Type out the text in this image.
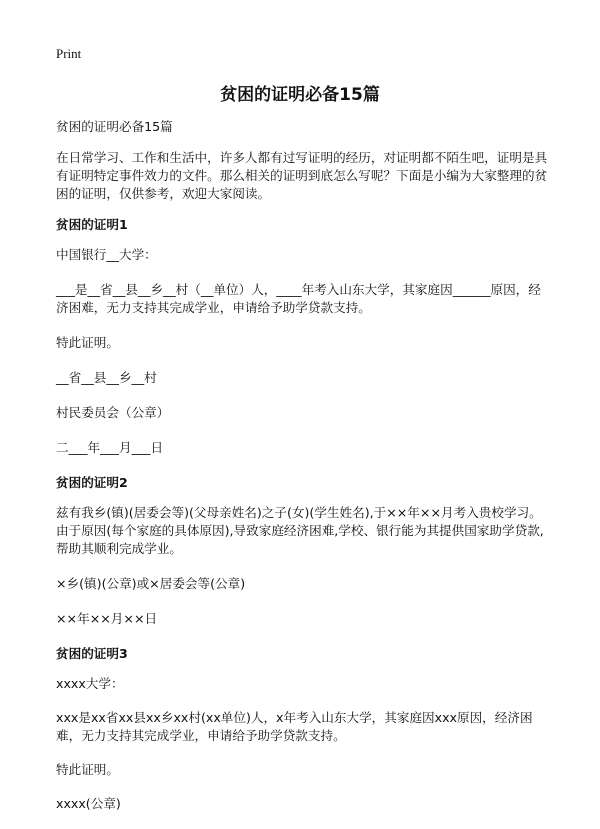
Print
贫困的证明必备15篇

贫困的证明必备15篇

在日常学习、工作和生活中，许多人都有过写证明的经历，对证明都不陌生吧，证明是具有证明特定事件效力的文件。那么相关的证明到底怎么写呢？下面是小编为大家整理的贫困的证明，仅供参考，欢迎大家阅读。

贫困的证明1

中国银行__大学：

___是__省__县__乡__村（__单位）人，____年考入山东大学，其家庭因______原因，经济困难，无力支持其完成学业，申请给予助学贷款支持。

特此证明。

__省__县__乡__村

村民委员会（公章）

二___年___月___日

贫困的证明2

兹有我乡(镇)(居委会等)(父母亲姓名)之子(女)(学生姓名),于××年××月考入贵校学习。由于原因(每个家庭的具体原因),导致家庭经济困难,学校、银行能为其提供国家助学贷款,帮助其顺利完成学业。

×乡(镇)(公章)或×居委会等(公章)

××年××月××日

贫困的证明3

xxxx大学：

xxx是xx省xx县xx乡xx村(xx单位)人，x年考入山东大学，其家庭因xxx原因，经济困难，无力支持其完成学业，申请给予助学贷款支持。

特此证明。

xxxx(公章)
